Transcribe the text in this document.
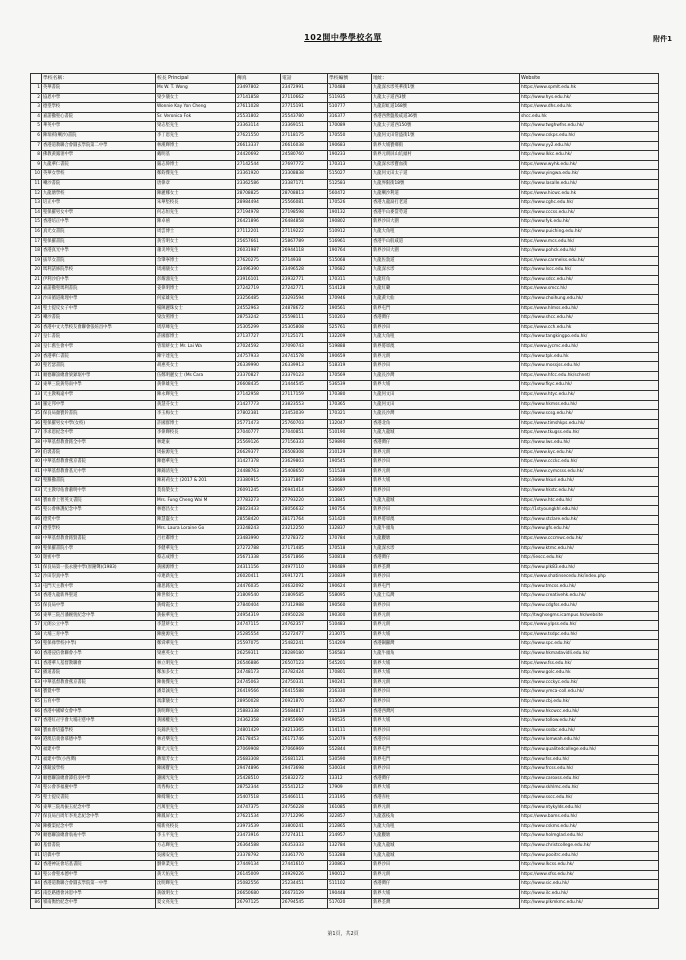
102開中學學校名單	附件1
	學校名稱：	校長 Principal	傳真	電話	學校編號	地址：	Website
1	英華書院	Ms W. T. Wong	23497802	23472991	170488	九龍深水埗英華街1號	https://www.spmlt.edu.hk
2	協恩中學	梁少儀女士	27141858	27110662	511935	九龍太子道西3號	http://www.hys.edu.hk/
3	德望學校	Wonnie Kay Yon Cheng	27611028	27715191	510777	九龍彩虹道168號	https://www.dhs.edu.hk
4	嘉諾撒聖心書院	Sr. Veronica Fok	25531802	25543780	316377	香港西營盤般咸道36號	shcc.edu.hk
5	華英中學	梁志堅先生	23363114	23369151	170089	九龍太子道西150號	http://www.twghwfns.edu.hk/
6	陳瑞祺(喇沙)書院	李丁恩先生	27621550	27118175	170550	九龍何文田常盛街1號	http://www.cskps.edu.hk/
7	香港道教聯合會圓玄學院第二中學	林漢輝博士	26613337	26616038	190683	新界大埔寶鄉街	http://www.yy2.edu.hk/
8	佛教黃鳳翎中學	戴明基	24420692	24580760	190233	新界元朗屏山坑頭村	http://www.lkkc.edu.hk/
9	九龍華仁書院	嚴志偉博士	27142544	27697772	170313	九龍深水埗寶血街	https://www.wyhk.edu.hk/
10	英華女學校	鄭鈞傑先生	23361920	23308838	515027	九龍何文田太子道	http://www.yingwa.edu.hk/
11	喇沙書院	唐偉章	23362586	23387171	512583	九龍界限街18號	http://www.lasalle.edu.hk/
12	九龍塘學校	陳麗娜女士	28708825	28708813	560472	九龍喇沙利道	https://www.hicwc.edu.hk
13	培正中學	朱華堅校長	28984494	25566081	170526	香港九龍窩打老道	http://www.cghc.edu.hk/
14	聖保羅男女中學	何志恒先生	27194978	27198598	190132	香港半山麥當勞道	http://www.cccss.edu.hk/
15	香港培正中學	陳卓禧	26421896	26484858	190802	新界沙田大圍	http://www.fyk.edu.hk/
16	真光女書院	周雲博士	27112201	27119222	510912	九龍大角咀	http://www.puiching.edu.hk/
17	聖保羅書院	黃雪明女士	25657661	25867789	516961	香港半山般咸道	https://www.mcs.edu.hk/
18	香港真光中學	蕭炎坤先生	26031987	26944118	190764	新界沙田大圍	http://www.pohck.edu.hk/
19	拔萃女書院	佘肇寧博士	27620275	2714938	515068	九龍佐敦道	https://www.carmelss.edu.hk/
20	瑪利諾修院學校	周湘儀女士	23496390	23496528	170682	九龍深水埗	http://www.lscc.edu.hk/
21	伊利沙伯中學	彭耀鴻先生	23916101	23932771	170311	九龍旺角	http://www.sdcc.edu.hk/
22	嘉諾撒聖瑪利書院	姜偉明博士	27242719	27242771	514128	九龍紅磡	https://www.smcc.hk/
23	沙田循道衛理中學	何家雄先生	23256485	23293594	170946	九龍黃大仙	http://www.choihung.edu.hk/
24	聖士提反女子中學	楊陳麗珠女士	24552963	24878672	190561	新界屯門	https://www.hlmss.edu.hk/
25	喇沙書院	梁汝照博士	28753242	25598111	510203	香港灣仔	http://www.shcc.edu.hk/
26	香港中文大學校友會聯會張煊昌中學	周厚峰先生	25305299	25305808	525761	新界沙田	https://www.cch.edu.hk
27	皇仁書院	許國群博士	27137727	27125171	132209	九龍大角咀	http://www.tangkingpo.edu.hk/
28	皇仁舊生會中學	曾瑞妍女士 Mr. Lai Wa	27024592	27090743	519888	新界將軍澳	https://www.jycmc.edu.hk/
29	香港華仁書院	陳宇達先生	24757933	24741578	190659	新界元朗	http://www.tpk.edu.hk
30	聖若瑟書院	胡惠英女士	26339990	26339913	518319	新界沙田	http://www.mossjss.edu.hk/
31	順德聯誼總會梁銶琚中學	伍鄭明麗女士 (Ms Cara	23370827	23379123	170569	九龍長沙灣	https://www.hfcc.edu.hk/schnet/
32	東華三院黃笏南中學	黃偉雄先生	26608435	21444545	536539	新界大埔	http://www.fkyc.edu.hk/
33	天主教鳴遠中學	陳永輝先生	27142958	27117159	170380	九龍何文田	https://www.htyc.edu.hk/
34	羅定邦中學	黃慧芬女士	21427773	23823553	170365	九龍何文田	http://www.hkmss.edu.hk/
35	保良局顏寶鈴書院	李玉梅女士	27802381	23453039	170321	九龍長沙灣	http://www.scsg.edu.hk/
36	聖保羅男女中學(女校)	許國群博士	25771473	25760703	132047	香港北角	https://www.timshkps.edu.hk/
37	李求恩紀念中學	李偉輝校長	27040777	27040851	510190	九龍九龍城	https://www.tkugss.edu.hk/
38	中華基督教會銘全中學	林建東	25569126	27156333	529890	香港灣仔	http://www.lws.edu.hk/
39	伯裘書院	周振源先生	26629377	26508308	210129	新界元朗	https://www.kyc.edu.hk/
40	中華基督教會燕京書院	陳德華先生	31427378	23629803	190545	新界沙田	https://www.ccckc.edu.hk/
41	中華基督教會基元中學	陳錦清先生	24488763	25408650	511538	新界元朗	https://www.cymcsss.edu.hk/
42	聖羅撒書院	陳莉莉女士 (2017 & 201	23380915	23371867	530689	新界大埔	http://www.hkuri.edu.hk/
43	天主教母佑會蕭明中學	莫翁榮女士	26091245	26941414	530697	新界沙田	http://www.hkstc.edu.hk/
44	寶血會上智英文書院	Mrs. Fung Cheng Wai M	27783273	27793220	213845	九龍九龍城	https://www.htc.edu.hk/
45	聖公會林護紀念中學	林德昌女士	28023433	28056632	190756	新界沙田	http://1styoungkhl.edu.hk/
46	德愛中學	陳慧靈女士	28558420	28171764	531420	新界將軍澳	http://www.stclare.edu.hk/
47	德望學校	Mrs. Laura Loraine Go	23248243	23212250	132837	九龍牛頭角	http://www.gfs.edu.hk/
48	中華基督教會銘賢書院	呂社鄰博士	23483990	27278372	170784	九龍觀塘	https://www.cccmwc.edu.hk/
49	聖保羅書院小學	李健華先生	27272788	27171485	170518	九龍深水埗	http://www.ktmc.edu.hk/
50	迦密中學	蔡志成博士	25671338	25671866	530818	香港灣仔	http://iescc.edu.hk/
51	保良局第一張永慶中學(原鐘聲)(1983)	黃國源博士	24311156	24977110	190489	新界荃灣	http://www.plk83.edu.hk/
52	沙田崇真中學	卓連新先生	26020411	26917271	230839	新界沙田	https://www.shatinsecedu.hk/index.php
53	屯門天主教中學	蕭思銘先生	24476035	24632092	190624	新界屯門	http://www.tmcss.edu.hk/
54	香港九龍新界聖道	陳世嶺女士	21809540	21809585	558095	九龍土瓜灣	http://www.creativehk.edu.hk/
55	保良局中學	黃綺霞女士	27840404	27312988	190560	新界沙田	http://www.cdgfss.edu.hk/
56	東華三院呂潘婉恆紀念中學	黃振華先生	24954319	24950228	190300	新界元朗	http://twghsegms.icampus.hk/website
57	元朗公立中學	李慧妍女士	24747115	24762357	510483	新界元朗	https://www.ylpss.edu.hk/
58	大埔三育中學	陳慶源先生	25285554	25272477	213075	新界大埔	https://www.tsdpc.edu.hk/
59	聖保祿學校(中學)	鄭舜華先生	25597075	25482241	514209	香港銅鑼灣	http://www.spc.edu.hk/
60	香港浸信會聯會小學	梁惠英女士	26259311	28289180	536583	九龍牛頭角	http://www.hkmadavidli.edu.hk/
61	香港華人基督教聯會	林立明先生	26546886	26507123	545201	新界大埔	https://www.fss.edu.hk/
62	播道書院	鄭加多女士	24748173	24782424	170801	新界大埔	http://www.golc.edu.hk
63	中華基督教會燕京書院	陳俊傑先生	24745063	24750331	190241	新界元朗	http://www.ccckyc.edu.hk/
64	寶覺中學	潘景誠先生	26419566	26415588	216330	新界沙田	http://www.ymca-coll.edu.hk/
65	五育中學	馮潔儀女士	28950028	26921870	513067	新界沙田	http://www.cbj.edu.hk/
66	香港中國婦女會中學	黃明輝先生	25883338	25684817	215139	香港西灣河	http://www.hkcwcc.edu.hk/
67	香港紅卍字會大埔卍慈中學	黃國權先生	24362358	24955690	190535	新界大埔	http://www.tollow.edu.hk/
68	寶血會培靈學校	吳錦洪先生	24801429	24213365	114111	新界沙田	http://www.sssbc.edu.hk/
69	港澳信義會慕德中學	林君樂先生	26178453	26171746	512079	香港沙田	http://www.lomwah.edu.hk/
70	福建中學	陳光元先生	27069908	27066969	552844	新界屯門	http://www.qualitedcollege.edu.hk/
71	福建中學(小西灣)	蔣瑞芳女士	25683308	25681121	530590	新界屯門	http://www.fss.edu.hk/
72	鄧鏡波學校	陳國寶先生	29474896	29473698	530034	新界沙田	http://www.frcss.edu.hk/
73	順德聯誼總會譚伯羽中學	謝國光先生	25428510	25832272	13312	香港灣仔	http://www.caroxss.edu.hk/
74	聖公會李福慶中學	馬秀梅女士	28752344	25541212	17909	新界大埔	http://www.skhlmc.edu.hk/
75	聖士提反書院	陳綺珊女士	25407518	25466111	213195	香港赤柱	http://www.sscc.edu.hk/
76	東華三院馬振玉紀念中學	呂萬里先生	24747375	24756228	161085	新界元朗	http://www.ntykylds.edu.hk/
77	保良局百周年李兆忠紀念中學	陳鳳屏女士	27621534	27712296	322857	九龍荔枝角	https://www.bams.edu.hk/
78	陳樹渠紀念中學	楊新亮校長	23973539	23800241	212865	九龍大角咀	http://www.cskms.edu.hk/
79	順德聯誼總會翁祐中學	李玉平先生	23473916	27274311	214957	九龍觀塘	http://www.holmglad.edu.hk/
80	基督書院	方志輝先生	26364588	26353333	132784	九龍九龍城	http://www.christcollege.edu.hk/
81	培僑中學	吳國安先生	23378792	23361770	513288	九龍九龍城	http://www.pooitrc.edu.hk/
82	香港神託會培基書院	劉偉業先生	27449134	27441610	230863	新界沙田	http://www.lkcss.edu.hk/
83	聖公會聖本德中學	黃天佑先生	26145009	24929226	190012	新界元朗	https://www.sfss.edu.hk/
84	香港道教聯合會圓玄學院第一中學	沈明輝先生	25082556	25234451	511102	香港灣仔	http://www.sic.edu.hk/
85	南亞路德會沐恩中學	黃啟明女士	26650680	26673129	190448	新界大埔	http://www.ilc.edu.hk/
86	嶺南衡怡紀念中學	夏文亮先生	26797125	26794545	517020	新界荃灣	http://www.plkmkmc.edu.hk/
第1頁，共2頁
